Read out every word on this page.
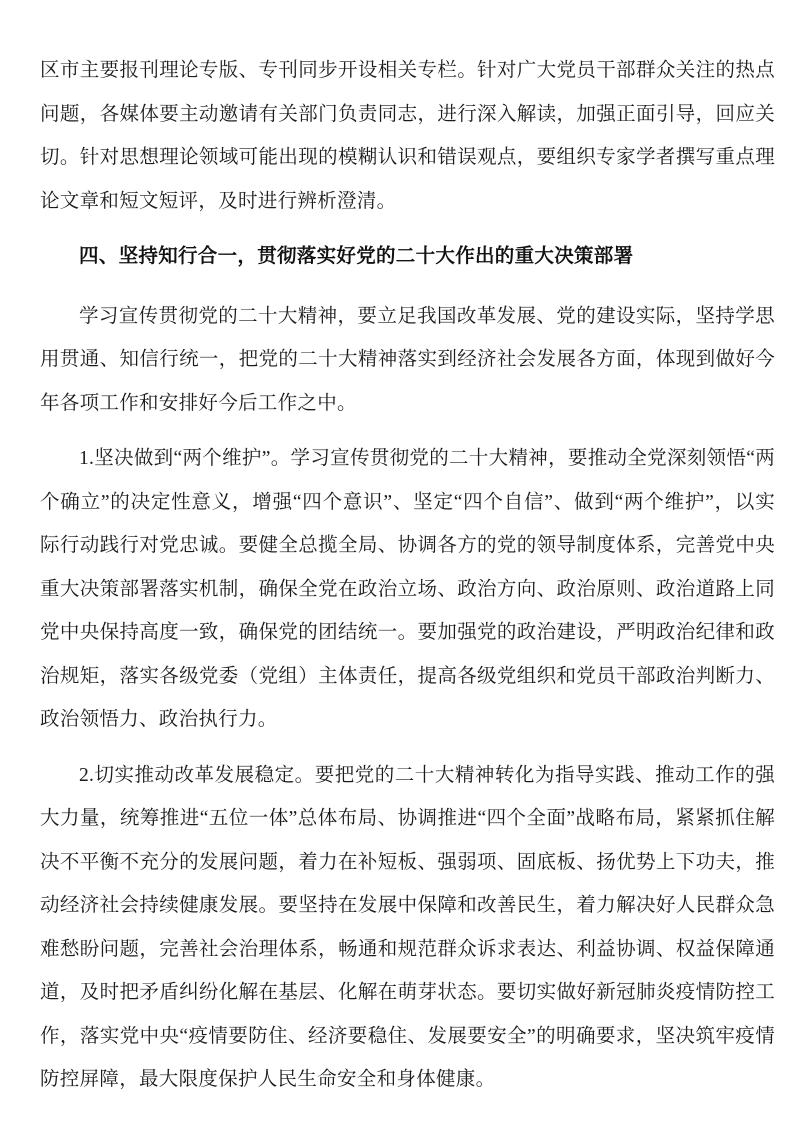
区市主要报刊理论专版、专刊同步开设相关专栏。针对广大党员干部群众关注的热点问题，各媒体要主动邀请有关部门负责同志，进行深入解读，加强正面引导，回应关切。针对思想理论领域可能出现的模糊认识和错误观点，要组织专家学者撰写重点理论文章和短文短评，及时进行辨析澄清。

四、坚持知行合一，贯彻落实好党的二十大作出的重大决策部署

学习宣传贯彻党的二十大精神，要立足我国改革发展、党的建设实际，坚持学思用贯通、知信行统一，把党的二十大精神落实到经济社会发展各方面，体现到做好今年各项工作和安排好今后工作之中。

1.坚决做到“两个维护”。学习宣传贯彻党的二十大精神，要推动全党深刻领悟“两个确立”的决定性意义，增强“四个意识”、坚定“四个自信”、做到“两个维护”，以实际行动践行对党忠诚。要健全总揽全局、协调各方的党的领导制度体系，完善党中央重大决策部署落实机制，确保全党在政治立场、政治方向、政治原则、政治道路上同党中央保持高度一致，确保党的团结统一。要加强党的政治建设，严明政治纪律和政治规矩，落实各级党委（党组）主体责任，提高各级党组织和党员干部政治判断力、政治领悟力、政治执行力。

2.切实推动改革发展稳定。要把党的二十大精神转化为指导实践、推动工作的强大力量，统筹推进“五位一体”总体布局、协调推进“四个全面”战略布局，紧紧抓住解决不平衡不充分的发展问题，着力在补短板、强弱项、固底板、扬优势上下功夫，推动经济社会持续健康发展。要坚持在发展中保障和改善民生，着力解决好人民群众急难愁盼问题，完善社会治理体系，畅通和规范群众诉求表达、利益协调、权益保障通道，及时把矛盾纠纷化解在基层、化解在萌芽状态。要切实做好新冠肺炎疫情防控工作，落实党中央“疫情要防住、经济要稳住、发展要安全”的明确要求，坚决筑牢疫情防控屏障，最大限度保护人民生命安全和身体健康。
